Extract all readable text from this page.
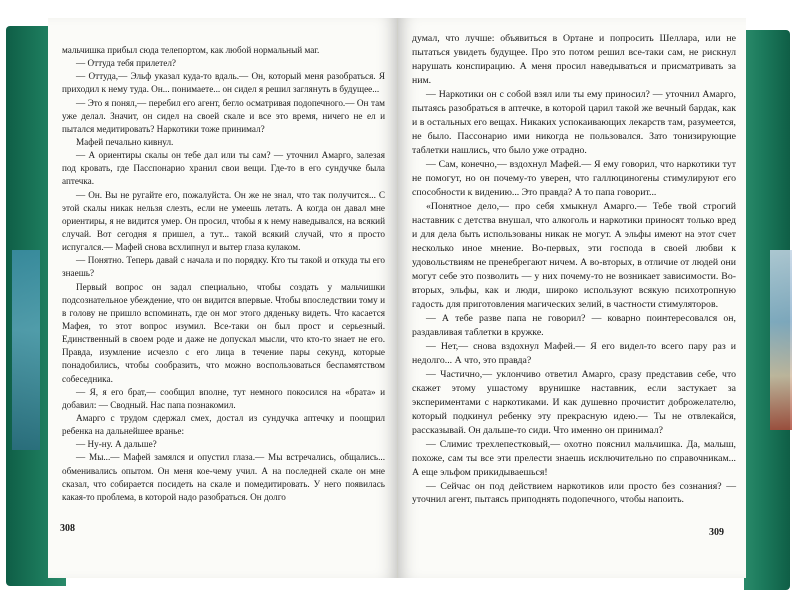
мальчишка прибыл сюда телепортом, как любой нормальный маг.

— Оттуда тебя прилетел?

— Оттуда,— Эльф указал куда-то вдаль.— Он, который меня разобраться. Я приходил к нему туда. Он... понимаете... он сидел я решил заглянуть в будущее...

— Это я понял,— перебил его агент, бегло осматривая подопечного.— Он там уже делал. Значит, он сидел на своей скале и все это время, ничего не ел и пытался медитировать? Наркотики тоже принимал?

Мафей печально кивнул.

— А ориентиры скалы он тебе дал или ты сам? — уточнил Амарго, залезая под кровать, где Пасспонарио хранил свои вещи. Где-то в его сундучке была аптечка.

— Он. Вы не ругайте его, пожалуйста. Он же не знал, что так получится... С этой скалы никак нельзя слезть, если не умеешь летать. А когда он давал мне ориентиры, я не видится умер. Он просил, чтобы я к нему наведывался, на всякий случай. Вот сегодня я пришел, а тут... такой всякий случай, что я просто испугался.— Мафей снова всхлипнул и вытер глаза кулаком.

— Понятно. Теперь давай с начала и по порядку. Кто ты такой и откуда ты его знаешь?

Первый вопрос он задал специально, чтобы создать у мальчишки подсознательное убеждение, что он видится впервые. Чтобы впоследствии тому и в голову не пришло вспоминать, где он мог этого дяденьку видеть. Что касается Мафея, то этот вопрос изумил. Все-таки он был прост и серьезный. Единственный в своем роде и даже не допускал мысли, что кто-то знает не его. Правда, изумление исчезло с его лица в течение пары секунд, которые понадобились, чтобы сообразить, что можно воспользоваться беспамятством собеседника.

— Я, я его брат,— сообщил вполне, тут немного покосился на «брата» и добавил: — Сводный. Нас папа познакомил.

Амарго с трудом сдержал смех, достал из сундучка аптечку и поощрил ребенка на дальнейшее вранье:

— Ну-ну. А дальше?

— Мы...— Мафей замялся и опустил глаза.— Мы встречались, общались... обменивались опытом. Он меня кое-чему учил. А на последней скале он мне сказал, что собирается посидеть на скале и помедитировать. У него появилась какая-то проблема, в которой надо разобраться. Он долго

308

думал, что лучше: объявиться в Ортане и попросить Шеллара, или не пытаться увидеть будущее. Про это потом решил все-таки сам, не рискнул нарушать конспирацию. А меня просил наведываться и присматривать за ним.

— Наркотики он с собой взял или ты ему приносил? — уточнил Амарго, пытаясь разобраться в аптечке, в которой царил такой же вечный бардак, как и в остальных его вещах. Никаких успокаивающих лекарств там, разумеется, не было. Пассонарио ими никогда не пользовался. Зато тонизирующие таблетки нашлись, что было уже отрадно.

— Сам, конечно,— вздохнул Мафей.— Я ему говорил, что наркотики тут не помогут, но он почему-то уверен, что галлюциногены стимулируют его способности к видению... Это правда? А то папа говорит...

«Понятное дело,— про себя хмыкнул Амарго.— Тебе твой строгий наставник с детства внушал, что алкоголь и наркотики приносят только вред и для дела быть использованы никак не могут. А эльфы имеют на этот счет несколько иное мнение. Во-первых, эти господа в своей любви к удовольствиям не пренебрегают ничем. А во-вторых, в отличие от людей они могут себе это позволить — у них почему-то не возникает зависимости. Во-вторых, эльфы, как и люди, широко используют всякую психотропную гадость для приготовления магических зелий, в частности стимуляторов.

— А тебе разве папа не говорил? — коварно поинтересовался он, раздавливая таблетки в кружке.

— Нет,— снова вздохнул Мафей.— Я его видел-то всего пару раз и недолго... А что, это правда?

— Частично,— уклончиво ответил Амарго, сразу представив себе, что скажет этому ушастому врунишке наставник, если застукает за экспериментами с наркотиками. И как душевно прочистит доброжелателю, который подкинул ребенку эту прекрасную идею.— Ты не отвлекайся, рассказывай. Он дальше-то сиди. Что именно он принимал?

— Слимис трехлепестковый,— охотно пояснил мальчишка. Да, малыш, похоже, сам ты все эти прелести знаешь исключительно по справочникам... А еще эльфом прикидываешься!

— Сейчас он под действием наркотиков или просто без сознания? — уточнил агент, пытаясь приподнять подопечного, чтобы напоить.

309
